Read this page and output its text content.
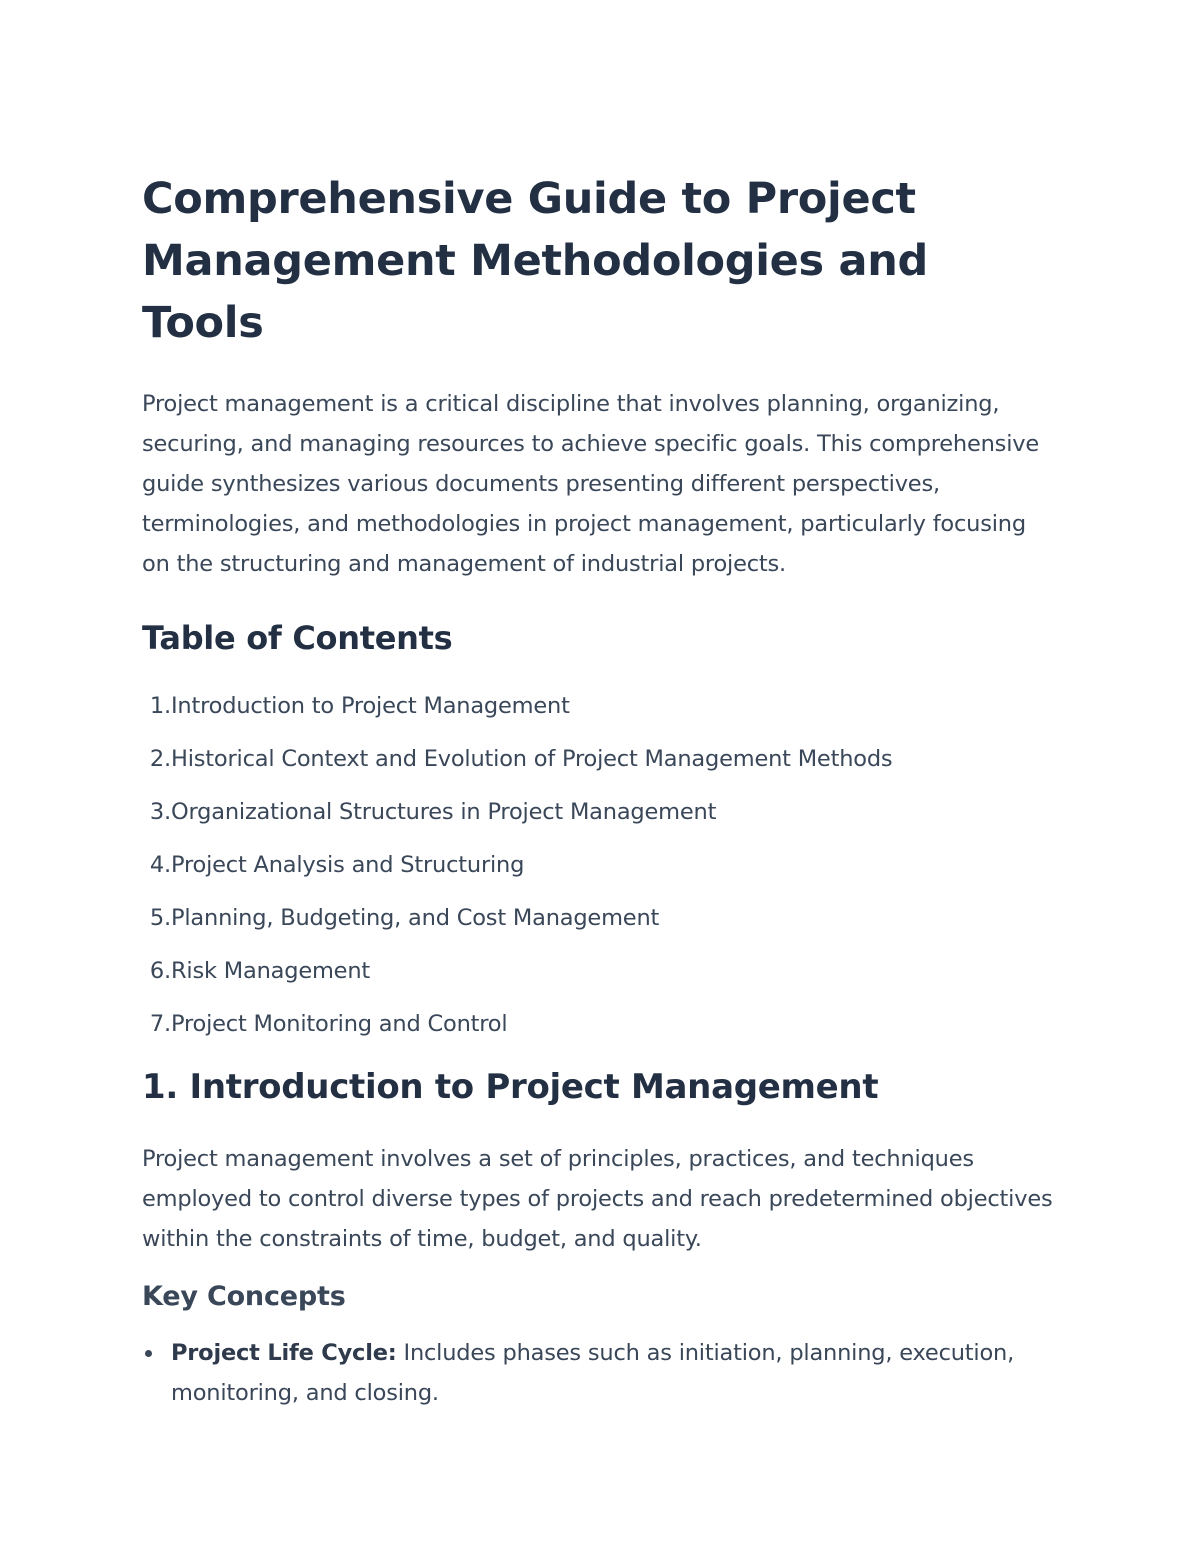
Comprehensive Guide to Project Management Methodologies and Tools

Project management is a critical discipline that involves planning, organizing, securing, and managing resources to achieve specific goals. This comprehensive guide synthesizes various documents presenting different perspectives, terminologies, and methodologies in project management, particularly focusing on the structuring and management of industrial projects.

Table of Contents
1. Introduction to Project Management
2. Historical Context and Evolution of Project Management Methods
3. Organizational Structures in Project Management
4. Project Analysis and Structuring
5. Planning, Budgeting, and Cost Management
6. Risk Management
7. Project Monitoring and Control
1. Introduction to Project Management

Project management involves a set of principles, practices, and techniques employed to control diverse types of projects and reach predetermined objectives within the constraints of time, budget, and quality.

Key Concepts
Project Life Cycle: Includes phases such as initiation, planning, execution, monitoring, and closing.
